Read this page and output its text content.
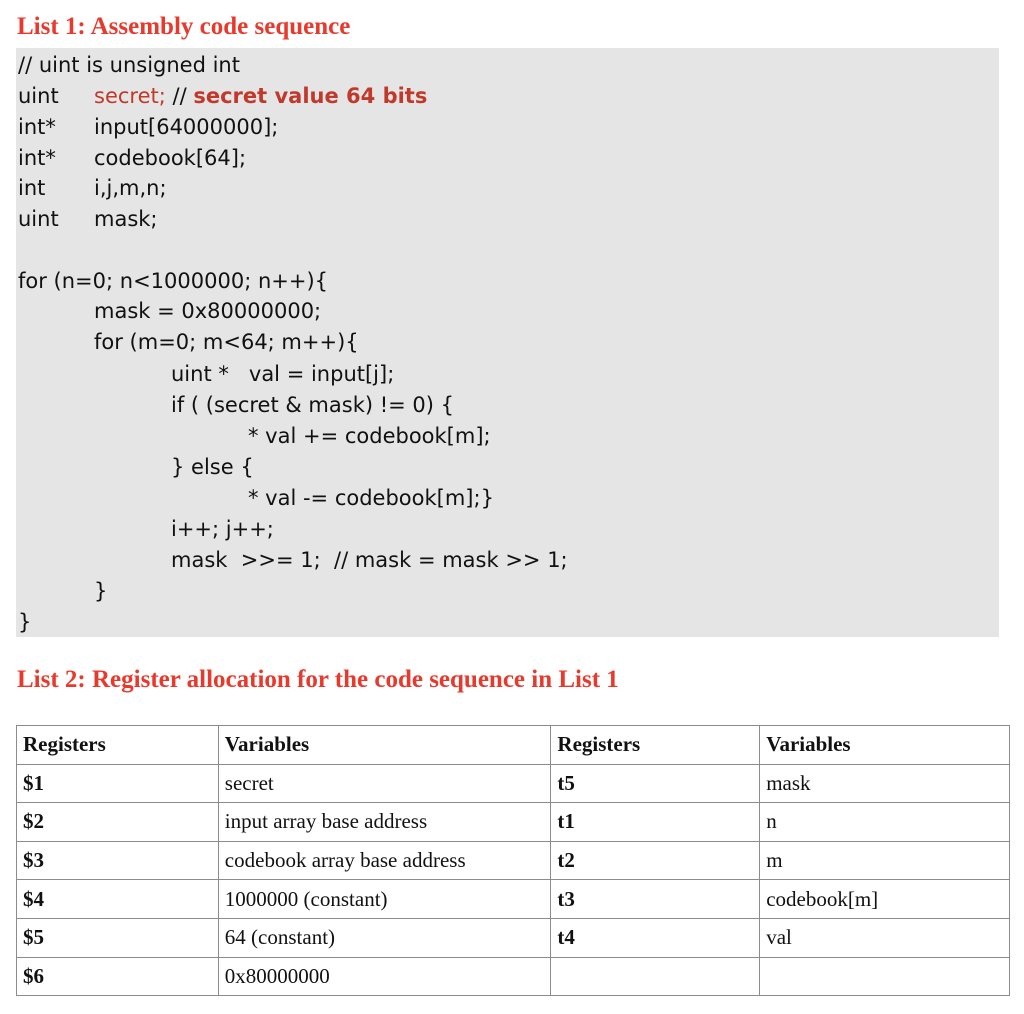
List 1: Assembly code sequence
// uint is unsigned int
uint secret; // secret value 64 bits
int* input[64000000];
int* codebook[64];
int i,j,m,n;
uint mask;
for (n=0; n<1000000; n++){
mask = 0x80000000;
for (m=0; m<64; m++){
uint *   val = input[j];
if ( (secret & mask) != 0) {
* val += codebook[m];
} else {
* val -= codebook[m];}
i++; j++;
mask  >>= 1;  // mask = mask >> 1;
}
}
List 2: Register allocation for the code sequence in List 1
Registers	Variables	Registers	Variables
$1	secret	t5	mask
$2	input array base address	t1	n
$3	codebook array base address	t2	m
$4	1000000 (constant)	t3	codebook[m]
$5	64 (constant)	t4	val
$6	0x80000000		
